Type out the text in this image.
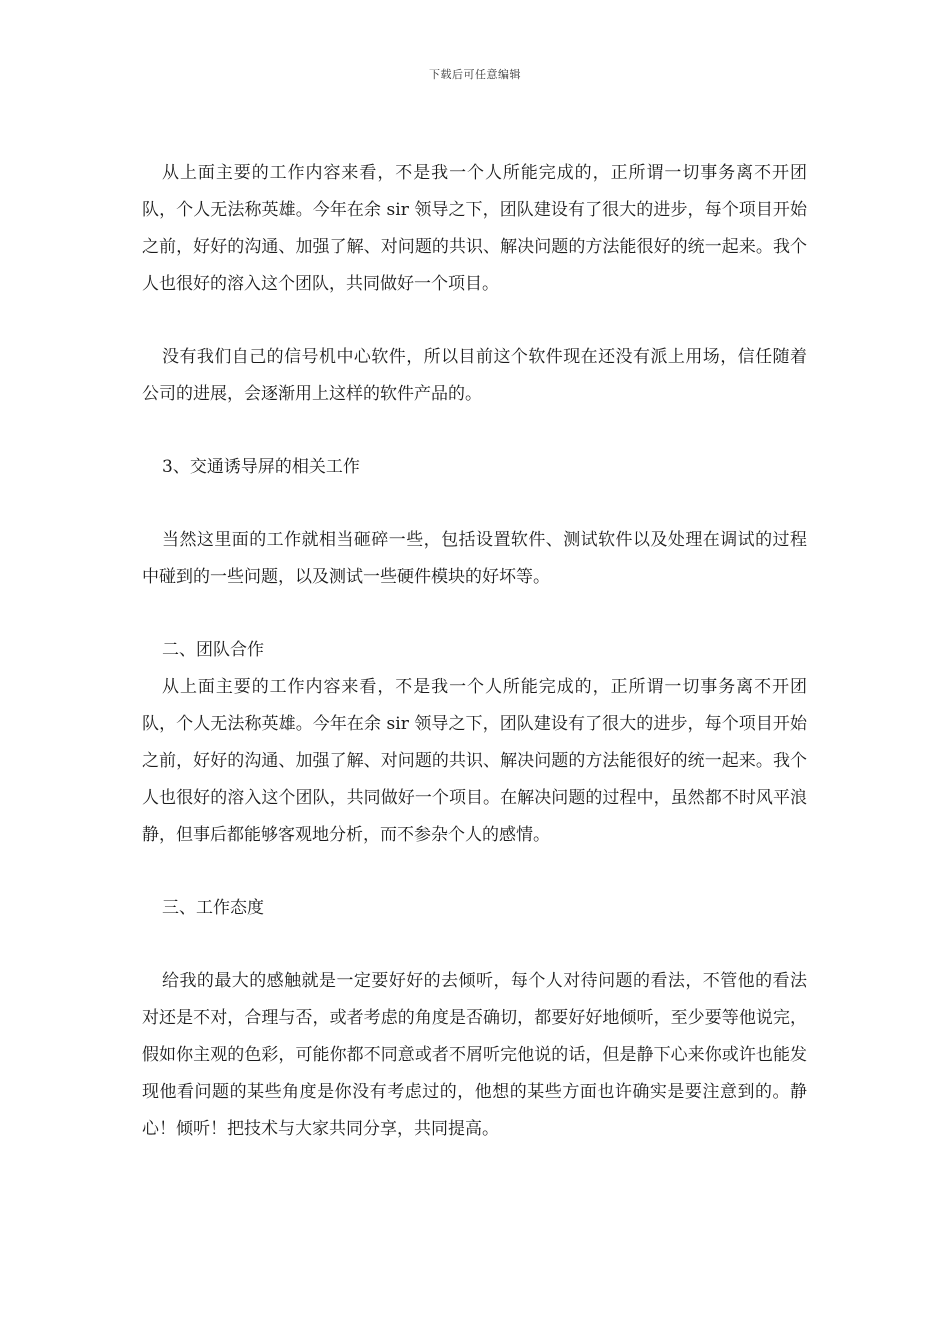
下载后可任意编辑

从上面主要的工作内容来看，不是我一个人所能完成的，正所谓一切事务离不开团队，个人无法称英雄。今年在余 sir 领导之下，团队建设有了很大的进步，每个项目开始之前，好好的沟通、加强了解、对问题的共识、解决问题的方法能很好的统一起来。我个人也很好的溶入这个团队，共同做好一个项目。

没有我们自己的信号机中心软件，所以目前这个软件现在还没有派上用场，信任随着公司的进展，会逐渐用上这样的软件产品的。

3、交通诱导屏的相关工作

当然这里面的工作就相当砸碎一些，包括设置软件、测试软件以及处理在调试的过程中碰到的一些问题，以及测试一些硬件模块的好坏等。

二、团队合作

从上面主要的工作内容来看，不是我一个人所能完成的，正所谓一切事务离不开团队，个人无法称英雄。今年在余 sir 领导之下，团队建设有了很大的进步，每个项目开始之前，好好的沟通、加强了解、对问题的共识、解决问题的方法能很好的统一起来。我个人也很好的溶入这个团队，共同做好一个项目。在解决问题的过程中，虽然都不时风平浪静，但事后都能够客观地分析，而不参杂个人的感情。

三、工作态度

给我的最大的感触就是一定要好好的去倾听，每个人对待问题的看法，不管他的看法对还是不对，合理与否，或者考虑的角度是否确切，都要好好地倾听，至少要等他说完，假如你主观的色彩，可能你都不同意或者不屑听完他说的话，但是静下心来你或许也能发现他看问题的某些角度是你没有考虑过的，他想的某些方面也许确实是要注意到的。静心！倾听！把技术与大家共同分享，共同提高。
